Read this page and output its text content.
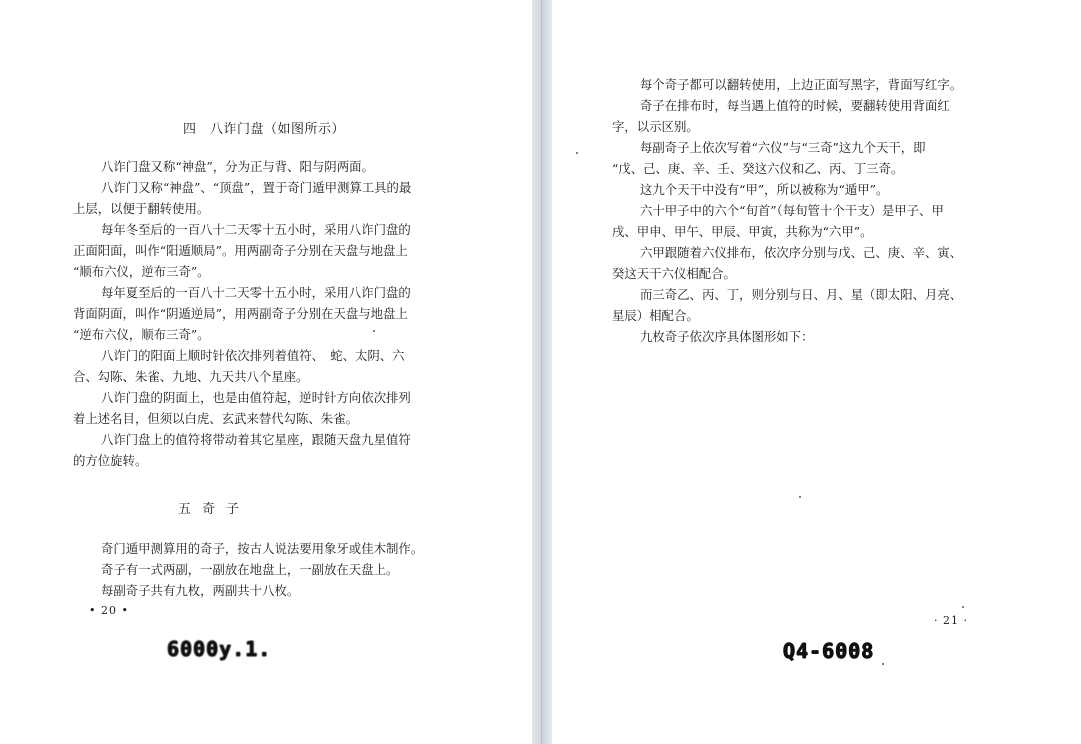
四　八诈门盘（如图所示）
八诈门盘又称“神盘”，分为正与背、阳与阴两面。
八诈门又称“神盘”、“顶盘”，置于奇门遁甲测算工具的最
上层，以便于翻转使用。
每年冬至后的一百八十二天零十五小时，采用八诈门盘的
正面阳面，叫作“阳遁顺局”。用两副奇子分别在天盘与地盘上
“顺布六仪，逆布三奇”。
每年夏至后的一百八十二天零十五小时，采用八诈门盘的
背面阴面，叫作“阴遁逆局”，用两副奇子分别在天盘与地盘上
“逆布六仪，顺布三奇”。
八诈门的阳面上顺时针依次排列着值符、　蛇、太阴、六
合、勾陈、朱雀、九地、九天共八个星座。
八诈门盘的阴面上，也是由值符起，逆时针方向依次排列
着上述名目，但须以白虎、玄武来替代勾陈、朱雀。
八诈门盘上的值符将带动着其它星座，跟随天盘九星值符
的方位旋转。
五奇子
奇门遁甲测算用的奇子，按古人说法要用象牙或佳木制作。
奇子有一式两副，一副放在地盘上，一副放在天盘上。
每副奇子共有九枚，两副共十八枚。
• 20 •
6000y.1.
每个奇子都可以翻转使用，上边正面写黑字，背面写红字。
奇子在排布时，每当遇上值符的时候，要翻转使用背面红
字，以示区别。
每副奇子上依次写着“六仪”与“三奇”这九个天干，即
“戊、己、庚、辛、壬、癸这六仪和乙、丙、丁三奇。
这九个天干中没有“甲”，所以被称为“遁甲”。
六十甲子中的六个“旬首”（每旬管十个干支）是甲子、甲
戌、甲申、甲午、甲辰、甲寅，共称为“六甲”。
六甲跟随着六仪排布，依次序分别与戊、己、庚、辛、寅、
癸这天干六仪相配合。
而三奇乙、丙、丁，则分别与日、月、星（即太阳、月亮、
星辰）相配合。
九枚奇子依次序具体图形如下：
· 21 ·
Q4-6008
